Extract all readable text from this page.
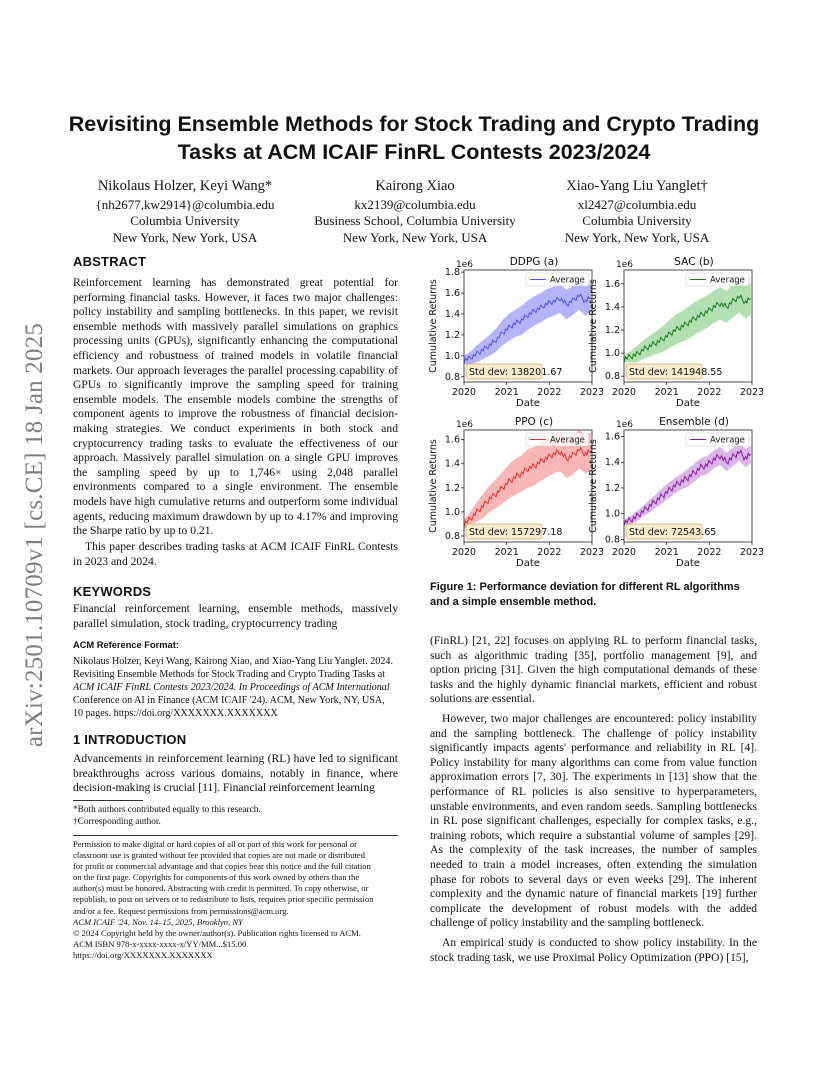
arXiv:2501.10709v1 [cs.CE] 18 Jan 2025
Revisiting Ensemble Methods for Stock Trading and Crypto Trading Tasks at ACM ICAIF FinRL Contests 2023/2024
Nikolaus Holzer, Keyi Wang*
{nh2677,kw2914}@columbia.edu
Columbia University
New York, New York, USA
Kairong Xiao
kx2139@columbia.edu
Business School, Columbia University
New York, New York, USA
Xiao-Yang Liu Yanglet†
xl2427@columbia.edu
Columbia University
New York, New York, USA
ABSTRACT
Reinforcement learning has demonstrated great potential for performing financial tasks. However, it faces two major challenges: policy instability and sampling bottlenecks. In this paper, we revisit ensemble methods with massively parallel simulations on graphics processing units (GPUs), significantly enhancing the computational efficiency and robustness of trained models in volatile financial markets. Our approach leverages the parallel processing capability of GPUs to significantly improve the sampling speed for training ensemble models. The ensemble models combine the strengths of component agents to improve the robustness of financial decision-making strategies. We conduct experiments in both stock and cryptocurrency trading tasks to evaluate the effectiveness of our approach. Massively parallel simulation on a single GPU improves the sampling speed by up to 1,746× using 2,048 parallel environments compared to a single environment. The ensemble models have high cumulative returns and outperform some individual agents, reducing maximum drawdown by up to 4.17% and improving the Sharpe ratio by up to 0.21.
This paper describes trading tasks at ACM ICAIF FinRL Contests in 2023 and 2024.
KEYWORDS
Financial reinforcement learning, ensemble methods, massively parallel simulation, stock trading, cryptocurrency trading
ACM Reference Format:
Nikolaus Holzer, Keyi Wang, Kairong Xiao, and Xiao-Yang Liu Yanglet. 2024.
Revisiting Ensemble Methods for Stock Trading and Crypto Trading Tasks at
ACM ICAIF FinRL Contests 2023/2024. In Proceedings of ACM International
Conference on AI in Finance (ACM ICAIF '24). ACM, New York, NY, USA,
10 pages. https://doi.org/XXXXXXX.XXXXXXX
1 INTRODUCTION
Advancements in reinforcement learning (RL) have led to significant breakthroughs across various domains, notably in finance, where decision-making is crucial [11]. Financial reinforcement learning
*Both authors contributed equally to this research.
†Corresponding author.
Permission to make digital or hard copies of all or part of this work for personal or
classroom use is granted without fee provided that copies are not made or distributed
for profit or commercial advantage and that copies bear this notice and the full citation
on the first page. Copyrights for components of this work owned by others than the
author(s) must be honored. Abstracting with credit is permitted. To copy otherwise, or
republish, to post on servers or to redistribute to lists, requires prior specific permission
and/or a fee. Request permissions from permissions@acm.org.
ACM ICAIF '24, Nov. 14–15, 2025, Brooklyn, NY
© 2024 Copyright held by the owner/author(s). Publication rights licensed to ACM.
ACM ISBN 978-x-xxxx-xxxx-x/YY/MM...$15.00
https://doi.org/XXXXXXX.XXXXXXX
0.8
1.0
1.2
1.4
1.6
1.8
2020 2021 2022 2023
Date
Cumulative Returns
1e6	DDPG (a)
Average
Std dev: 138201.67	0.8
1.0
1.2
1.4
1.6
2020 2021 2022 2023
Date
Cumulative Returns
1e6	SAC (b)
Average
Std dev: 141948.55
0.8
1.0
1.2
1.4
1.6
2020 2021 2022 2023
Date
Cumulative Returns
1e6	PPO (c)
Average
Std dev: 157297.18
0.8
1.0
1.2
1.4
1.6
2020 2021 2022 2023
Date
Cumulative Returns
1e6 Ensemble (d)
Average
Std dev: 72543.65
Figure 1: Performance deviation for different RL algorithms and a simple ensemble method.
(FinRL) [21, 22] focuses on applying RL to perform financial tasks, such as algorithmic trading [35], portfolio management [9], and option pricing [31]. Given the high computational demands of these tasks and the highly dynamic financial markets, efficient and robust solutions are essential.
However, two major challenges are encountered: policy instability and the sampling bottleneck. The challenge of policy instability significantly impacts agents' performance and reliability in RL [4]. Policy instability for many algorithms can come from value function approximation errors [7, 30]. The experiments in [13] show that the performance of RL policies is also sensitive to hyperparameters, unstable environments, and even random seeds. Sampling bottlenecks in RL pose significant challenges, especially for complex tasks, e.g., training robots, which require a substantial volume of samples [29]. As the complexity of the task increases, the number of samples needed to train a model increases, often extending the simulation phase for robots to several days or even weeks [29]. The inherent complexity and the dynamic nature of financial markets [19] further complicate the development of robust models with the added challenge of policy instability and the sampling bottleneck.
An empirical study is conducted to show policy instability. In the stock trading task, we use Proximal Policy Optimization (PPO) [15],
